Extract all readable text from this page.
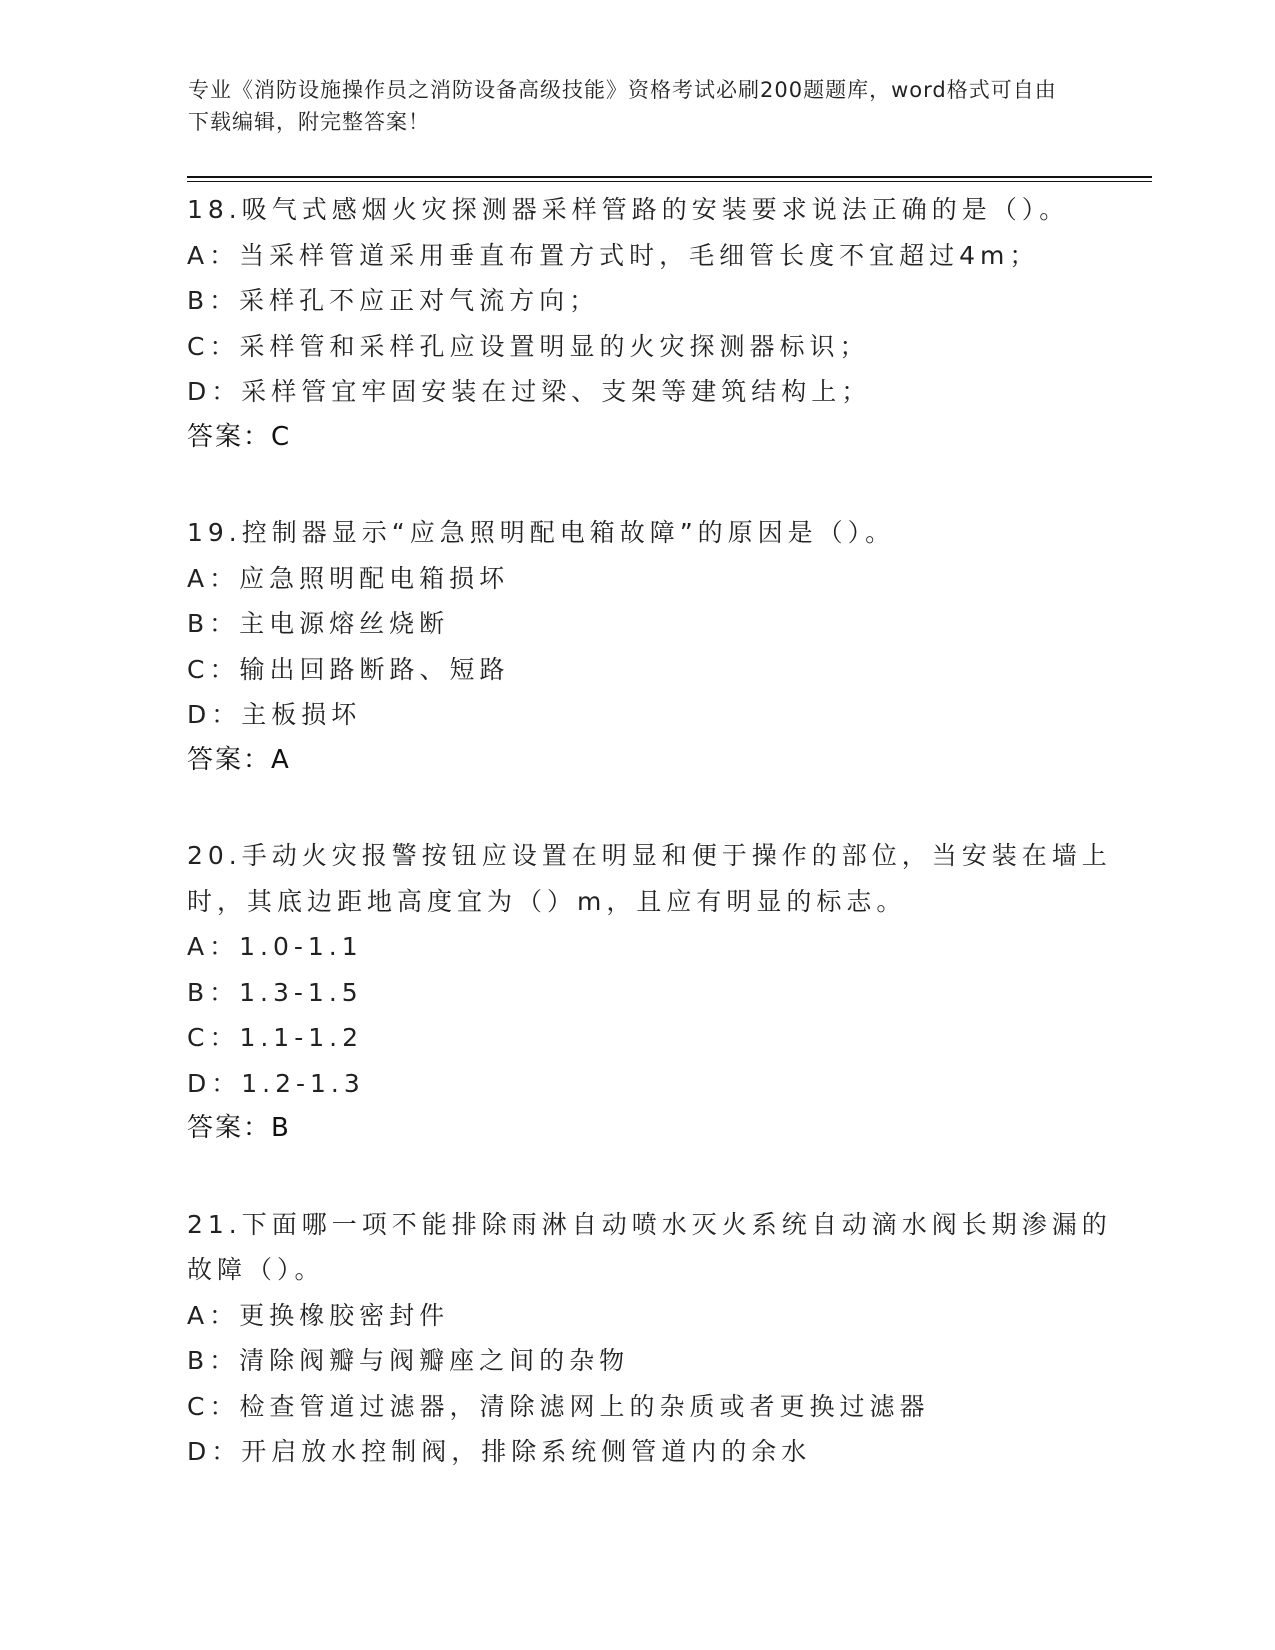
专业《消防设施操作员之消防设备高级技能》资格考试必刷200题题库，word格式可自由下载编辑，附完整答案！
18.吸气式感烟火灾探测器采样管路的安装要求说法正确的是（）。
A：当采样管道采用垂直布置方式时，毛细管长度不宜超过4m；
B：采样孔不应正对气流方向；
C：采样管和采样孔应设置明显的火灾探测器标识；
D：采样管宜牢固安装在过梁、支架等建筑结构上；
答案：C
19.控制器显示“应急照明配电箱故障”的原因是（）。
A：应急照明配电箱损坏
B：主电源熔丝烧断
C：输出回路断路、短路
D：主板损坏
答案：A
20.手动火灾报警按钮应设置在明显和便于操作的部位，当安装在墙上
时，其底边距地高度宜为（）m，且应有明显的标志。
A：1.0-1.1
B：1.3-1.5
C：1.1-1.2
D：1.2-1.3
答案：B
21.下面哪一项不能排除雨淋自动喷水灭火系统自动滴水阀长期渗漏的
故障（）。
A：更换橡胶密封件
B：清除阀瓣与阀瓣座之间的杂物
C：检查管道过滤器，清除滤网上的杂质或者更换过滤器
D：开启放水控制阀，排除系统侧管道内的余水
